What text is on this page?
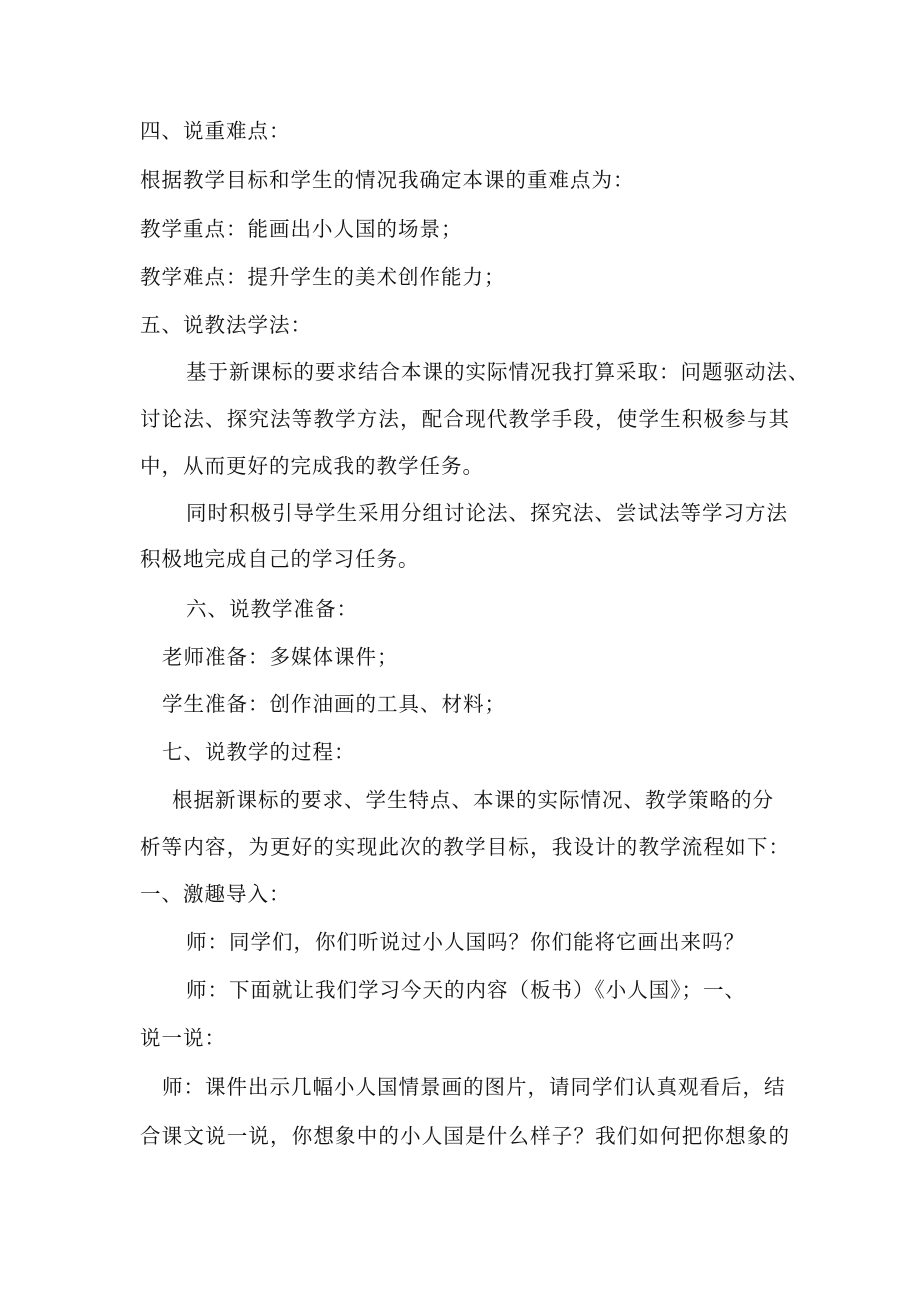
四、说重难点：
根据教学目标和学生的情况我确定本课的重难点为：
教学重点：能画出小人国的场景；
教学难点：提升学生的美术创作能力；
五、说教法学法：
基于新课标的要求结合本课的实际情况我打算采取：问题驱动法、
讨论法、探究法等教学方法，配合现代教学手段，使学生积极参与其
中，从而更好的完成我的教学任务。
同时积极引导学生采用分组讨论法、探究法、尝试法等学习方法
积极地完成自己的学习任务。
六、说教学准备：
老师准备：多媒体课件；
学生准备：创作油画的工具、材料；
七、说教学的过程：
根据新课标的要求、学生特点、本课的实际情况、教学策略的分
析等内容，为更好的实现此次的教学目标，我设计的教学流程如下：
一、激趣导入：
师：同学们，你们听说过小人国吗？你们能将它画出来吗？
师：下面就让我们学习今天的内容（板书）《小人国》；一、
说一说：
师：课件出示几幅小人国情景画的图片，请同学们认真观看后，结
合课文说一说，你想象中的小人国是什么样子？我们如何把你想象的
